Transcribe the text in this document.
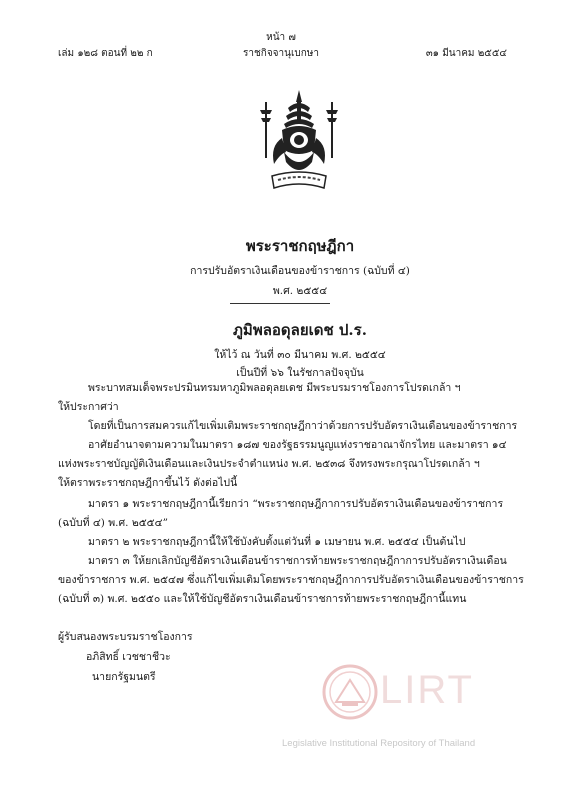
หน้า ๗
เล่ม ๑๒๘ ตอนที่ ๒๒ ก	ราชกิจจานุเบกษา	๓๑ มีนาคม ๒๕๕๔
พระราชกฤษฎีกา
การปรับอัตราเงินเดือนของข้าราชการ (ฉบับที่ ๔)
พ.ศ. ๒๕๕๔
ภูมิพลอดุลยเดช ป.ร.
ให้ไว้ ณ วันที่ ๓๐ มีนาคม พ.ศ. ๒๕๕๔
เป็นปีที่ ๖๖ ในรัชกาลปัจจุบัน
พระบาทสมเด็จพระปรมินทรมหาภูมิพลอดุลยเดช มีพระบรมราชโองการโปรดเกล้า ฯ
ให้ประกาศว่า
โดยที่เป็นการสมควรแก้ไขเพิ่มเติมพระราชกฤษฎีกาว่าด้วยการปรับอัตราเงินเดือนของข้าราชการ
อาศัยอำนาจตามความในมาตรา ๑๘๗ ของรัฐธรรมนูญแห่งราชอาณาจักรไทย และมาตรา ๑๔
แห่งพระราชบัญญัติเงินเดือนและเงินประจำตำแหน่ง พ.ศ. ๒๕๓๘ จึงทรงพระกรุณาโปรดเกล้า ฯ
ให้ตราพระราชกฤษฎีกาขึ้นไว้ ดังต่อไปนี้
มาตรา ๑ พระราชกฤษฎีกานี้เรียกว่า “พระราชกฤษฎีกาการปรับอัตราเงินเดือนของข้าราชการ
(ฉบับที่ ๔) พ.ศ. ๒๕๕๔”
มาตรา ๒ พระราชกฤษฎีกานี้ให้ใช้บังคับตั้งแต่วันที่ ๑ เมษายน พ.ศ. ๒๕๕๔ เป็นต้นไป
มาตรา ๓ ให้ยกเลิกบัญชีอัตราเงินเดือนข้าราชการท้ายพระราชกฤษฎีกาการปรับอัตราเงินเดือน
ของข้าราชการ พ.ศ. ๒๕๔๗ ซึ่งแก้ไขเพิ่มเติมโดยพระราชกฤษฎีกาการปรับอัตราเงินเดือนของข้าราชการ
(ฉบับที่ ๓) พ.ศ. ๒๕๕๐ และให้ใช้บัญชีอัตราเงินเดือนข้าราชการท้ายพระราชกฤษฎีกานี้แทน
ผู้รับสนองพระบรมราชโองการ
อภิสิทธิ์ เวชชาชีวะ
นายกรัฐมนตรี	LIRT
Legislative Institutional Repository of Thailand
